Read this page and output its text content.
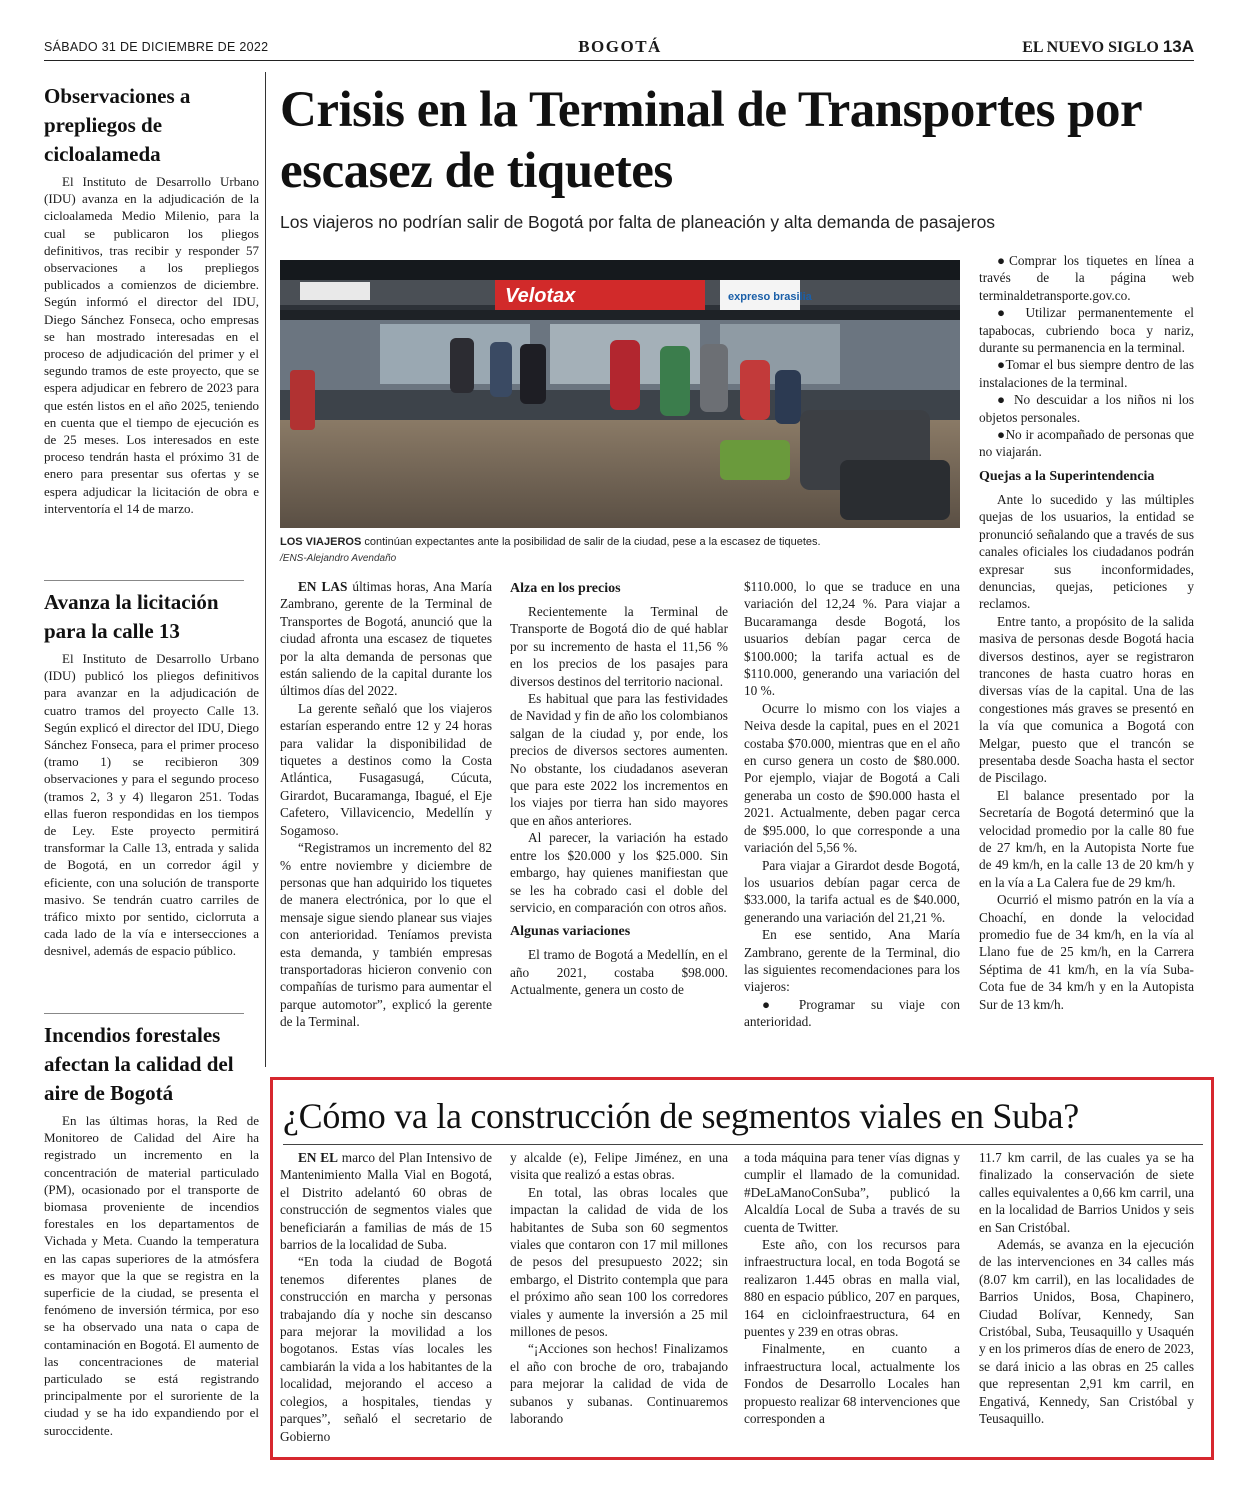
SÁBADO 31 DE DICIEMBRE DE 2022	BOGOTÁ	EL NUEVO SIGLO 13A
Observaciones a prepliegos de cicloalameda

El Instituto de Desarrollo Urbano (IDU) avanza en la adjudicación de la cicloalameda Medio Milenio, para la cual se publicaron los pliegos definitivos, tras recibir y responder 57 observaciones a los prepliegos publicados a comienzos de diciembre. Según informó el director del IDU, Diego Sánchez Fonseca, ocho empresas se han mostrado interesadas en el proceso de adjudicación del primer y el segundo tramos de este proyecto, que se espera adjudicar en febrero de 2023 para que estén listos en el año 2025, teniendo en cuenta que el tiempo de ejecución es de 25 meses. Los interesados en este proceso tendrán hasta el próximo 31 de enero para presentar sus ofertas y se espera adjudicar la licitación de obra e interventoría el 14 de marzo.

Avanza la licitación para la calle 13

El Instituto de Desarrollo Urbano (IDU) publicó los pliegos definitivos para avanzar en la adjudicación de cuatro tramos del proyecto Calle 13. Según explicó el director del IDU, Diego Sánchez Fonseca, para el primer proceso (tramo 1) se recibieron 309 observaciones y para el segundo proceso (tramos 2, 3 y 4) llegaron 251. Todas ellas fueron respondidas en los tiempos de Ley. Este proyecto permitirá transformar la Calle 13, entrada y salida de Bogotá, en un corredor ágil y eficiente, con una solución de transporte masivo. Se tendrán cuatro carriles de tráfico mixto por sentido, ciclorruta a cada lado de la vía e intersecciones a desnivel, además de espacio público.

Incendios forestales afectan la calidad del aire de Bogotá

En las últimas horas, la Red de Monitoreo de Calidad del Aire ha registrado un incremento en la concentración de material particulado (PM), ocasionado por el transporte de biomasa proveniente de incendios forestales en los departamentos de Vichada y Meta. Cuando la temperatura en las capas superiores de la atmósfera es mayor que la que se registra en la superficie de la ciudad, se presenta el fenómeno de inversión térmica, por eso se ha observado una nata o capa de contaminación en Bogotá. El aumento de las concentraciones de material particulado se está registrando principalmente por el suroriente de la ciudad y se ha ido expandiendo por el suroccidente.

Crisis en la Terminal de Transportes por escasez de tiquetes
Los viajeros no podrían salir de Bogotá por falta de planeación y alta demanda de pasajeros
Velotax	expreso brasilia
LOS VIAJEROS continúan expectantes ante la posibilidad de salir de la ciudad, pese a la escasez de tiquetes.
/ENS-Alejandro Avendaño

EN LAS últimas horas, Ana María Zambrano, gerente de la Terminal de Transportes de Bogotá, anunció que la ciudad afronta una escasez de tiquetes por la alta demanda de personas que están saliendo de la capital durante los últimos días del 2022.

La gerente señaló que los viajeros estarían esperando entre 12 y 24 horas para validar la disponibilidad de tiquetes a destinos como la Costa Atlántica, Fusagasugá, Cúcuta, Girardot, Bucaramanga, Ibagué, el Eje Cafetero, Villavicencio, Medellín y Sogamoso.

“Registramos un incremento del 82 % entre noviembre y diciembre de personas que han adquirido los tiquetes de manera electrónica, por lo que el mensaje sigue siendo planear sus viajes con anterioridad. Teníamos prevista esta demanda, y también empresas transportadoras hicieron convenio con compañías de turismo para aumentar el parque automotor”, explicó la gerente de la Terminal.

Alza en los precios

Recientemente la Terminal de Transporte de Bogotá dio de qué hablar por su incremento de hasta el 11,56 % en los precios de los pasajes para diversos destinos del territorio nacional.

Es habitual que para las festividades de Navidad y fin de año los colombianos salgan de la ciudad y, por ende, los precios de diversos sectores aumenten. No obstante, los ciudadanos aseveran que para este 2022 los incrementos en los viajes por tierra han sido mayores que en años anteriores.

Al parecer, la variación ha estado entre los $20.000 y los $25.000. Sin embargo, hay quienes manifiestan que se les ha cobrado casi el doble del servicio, en comparación con otros años.

Algunas variaciones

El tramo de Bogotá a Medellín, en el año 2021, costaba $98.000. Actualmente, genera un costo de

$110.000, lo que se traduce en una variación del 12,24 %. Para viajar a Bucaramanga desde Bogotá, los usuarios debían pagar cerca de $100.000; la tarifa actual es de $110.000, generando una variación del 10 %.

Ocurre lo mismo con los viajes a Neiva desde la capital, pues en el 2021 costaba $70.000, mientras que en el año en curso genera un costo de $80.000. Por ejemplo, viajar de Bogotá a Cali generaba un costo de $90.000 hasta el 2021. Actualmente, deben pagar cerca de $95.000, lo que corresponde a una variación del 5,56 %.

Para viajar a Girardot desde Bogotá, los usuarios debían pagar cerca de $33.000, la tarifa actual es de $40.000, generando una variación del 21,21 %.

En ese sentido, Ana María Zambrano, gerente de la Terminal, dio las siguientes recomendaciones para los viajeros:

● Programar su viaje con anterioridad.

●Comprar los tiquetes en línea a través de la página web terminaldetransporte.gov.co.

● Utilizar permanentemente el tapabocas, cubriendo boca y nariz, durante su permanencia en la terminal.

●Tomar el bus siempre dentro de las instalaciones de la terminal.

● No descuidar a los niños ni los objetos personales.

●No ir acompañado de personas que no viajarán.

Quejas a la Superintendencia

Ante lo sucedido y las múltiples quejas de los usuarios, la entidad se pronunció señalando que a través de sus canales oficiales los ciudadanos podrán expresar sus inconformidades, denuncias, quejas, peticiones y reclamos.

Entre tanto, a propósito de la salida masiva de personas desde Bogotá hacia diversos destinos, ayer se registraron trancones de hasta cuatro horas en diversas vías de la capital. Una de las congestiones más graves se presentó en la vía que comunica a Bogotá con Melgar, puesto que el trancón se presentaba desde Soacha hasta el sector de Piscilago.

El balance presentado por la Secretaría de Bogotá determinó que la velocidad promedio por la calle 80 fue de 27 km/h, en la Autopista Norte fue de 49 km/h, en la calle 13 de 20 km/h y en la vía a La Calera fue de 29 km/h.

Ocurrió el mismo patrón en la vía a Choachí, en donde la velocidad promedio fue de 34 km/h, en la vía al Llano fue de 25 km/h, en la Carrera Séptima de 41 km/h, en la vía Suba-Cota fue de 34 km/h y en la Autopista Sur de 13 km/h.

¿Cómo va la construcción de segmentos viales en Suba?

EN EL marco del Plan Intensivo de Mantenimiento Malla Vial en Bogotá, el Distrito adelantó 60 obras de construcción de segmentos viales que beneficiarán a familias de más de 15 barrios de la localidad de Suba.

“En toda la ciudad de Bogotá tenemos diferentes planes de construcción en marcha y personas trabajando día y noche sin descanso para mejorar la movilidad a los bogotanos. Estas vías locales les cambiarán la vida a los habitantes de la localidad, mejorando el acceso a colegios, a hospitales, tiendas y parques”, señaló el secretario de Gobierno

y alcalde (e), Felipe Jiménez, en una visita que realizó a estas obras.

En total, las obras locales que impactan la calidad de vida de los habitantes de Suba son 60 segmentos viales que contaron con 17 mil millones de pesos del presupuesto 2022; sin embargo, el Distrito contempla que para el próximo año sean 100 los corredores viales y aumente la inversión a 25 mil millones de pesos.

“¡Acciones son hechos! Finalizamos el año con broche de oro, trabajando para mejorar la calidad de vida de subanos y subanas. Continuaremos laborando

a toda máquina para tener vías dignas y cumplir el llamado de la comunidad. #DeLaManoConSuba”, publicó la Alcaldía Local de Suba a través de su cuenta de Twitter.

Este año, con los recursos para infraestructura local, en toda Bogotá se realizaron 1.445 obras en malla vial, 880 en espacio público, 207 en parques, 164 en cicloinfraestructura, 64 en puentes y 239 en otras obras.

Finalmente, en cuanto a infraestructura local, actualmente los Fondos de Desarrollo Locales han propuesto realizar 68 intervenciones que corresponden a

11.7 km carril, de las cuales ya se ha finalizado la conservación de siete calles equivalentes a 0,66 km carril, una en la localidad de Barrios Unidos y seis en San Cristóbal.

Además, se avanza en la ejecución de las intervenciones en 34 calles más (8.07 km carril), en las localidades de Barrios Unidos, Bosa, Chapinero, Ciudad Bolívar, Kennedy, San Cristóbal, Suba, Teusaquillo y Usaquén y en los primeros días de enero de 2023, se dará inicio a las obras en 25 calles que representan 2,91 km carril, en Engativá, Kennedy, San Cristóbal y Teusaquillo.
